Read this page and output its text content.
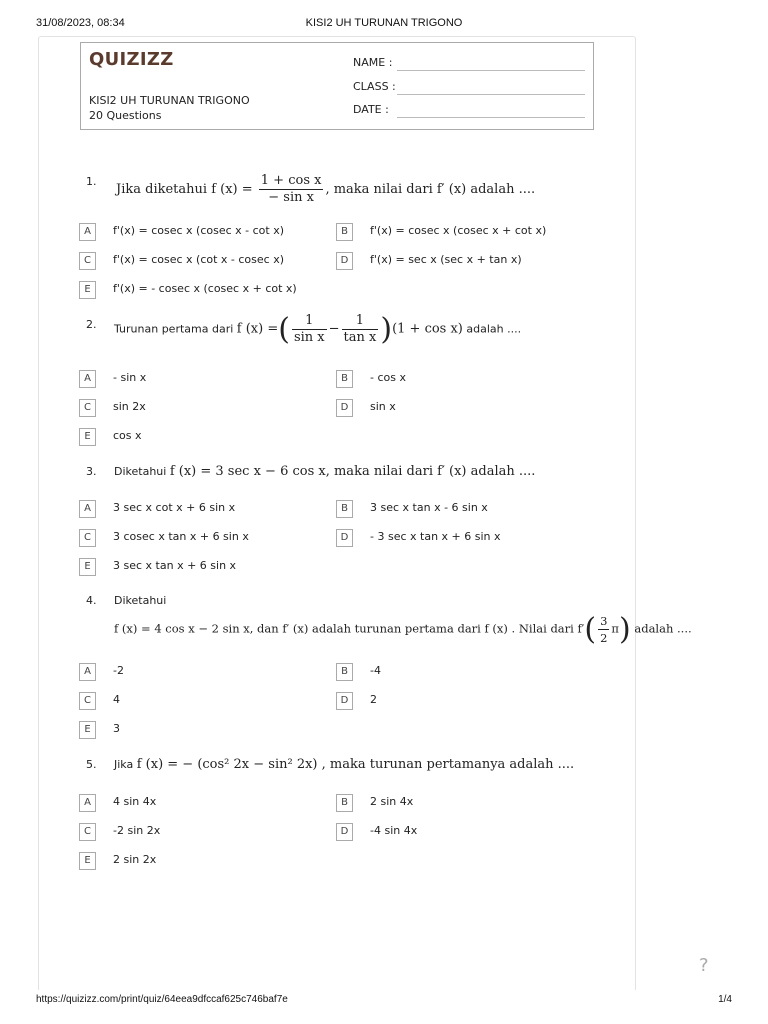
31/08/2023, 08:34	KISI2 UH TURUNAN TRIGONO
QUIZIZZ
KISI2 UH TURUNAN TRIGONO
20 Questions
NAME :
CLASS :
DATE :
1.
Jika diketahui f $(x) = \frac{\text{1 + cos x}}{\text{− sin x}}$ , maka nilai dari f′ (x) adalah ....
A	f'(x) = cosec x (cosec x - cot x)	B	f'(x) = cosec x (cosec x + cot x)
C	f'(x) = cosec x (cot x - cosec x)	D	f'(x) = sec x (sec x + tan x)
E	f'(x) = - cosec x (cosec x + cot x)
2. Turunan pertama dari f (x) =( $\frac{1}{\text{sin x}} - \frac{1}{\text{tan x}} )(1 + \cos x)$ adalah ....
A	- sin x	B	- cos x
C	sin 2x	D	sin x
E	cos x
3. Diketahui f (x) = 3 sec x − 6 cos x, maka nilai dari f′ (x) adalah ....
A	3 sec x cot x + 6 sin x	B	3 sec x tan x - 6 sin x
C	3 cosec x tan x + 6 sin x	D	- 3 sec x tan x + 6 sin x
E	3 sec x tan x + 6 sin x
4. Diketahui
f (x) = 4 cos x − 2 sin x, dan f′ (x) adalah turunan pertama dari f (x) . Nilai dari $f'( \frac{3}{2} \pi)$ adalah ....
A	-2	B	-4
C	4	D	2
E	3
5. Jika f (x) = − (cos² 2x − sin² 2x) , maka turunan pertamanya adalah ....
A	4 sin 4x	B	2 sin 4x
C	-2 sin 2x	D	-4 sin 4x
E	2 sin 2x
?
https://quizizz.com/print/quiz/64eea9dfccaf625c746baf7e	1/4
